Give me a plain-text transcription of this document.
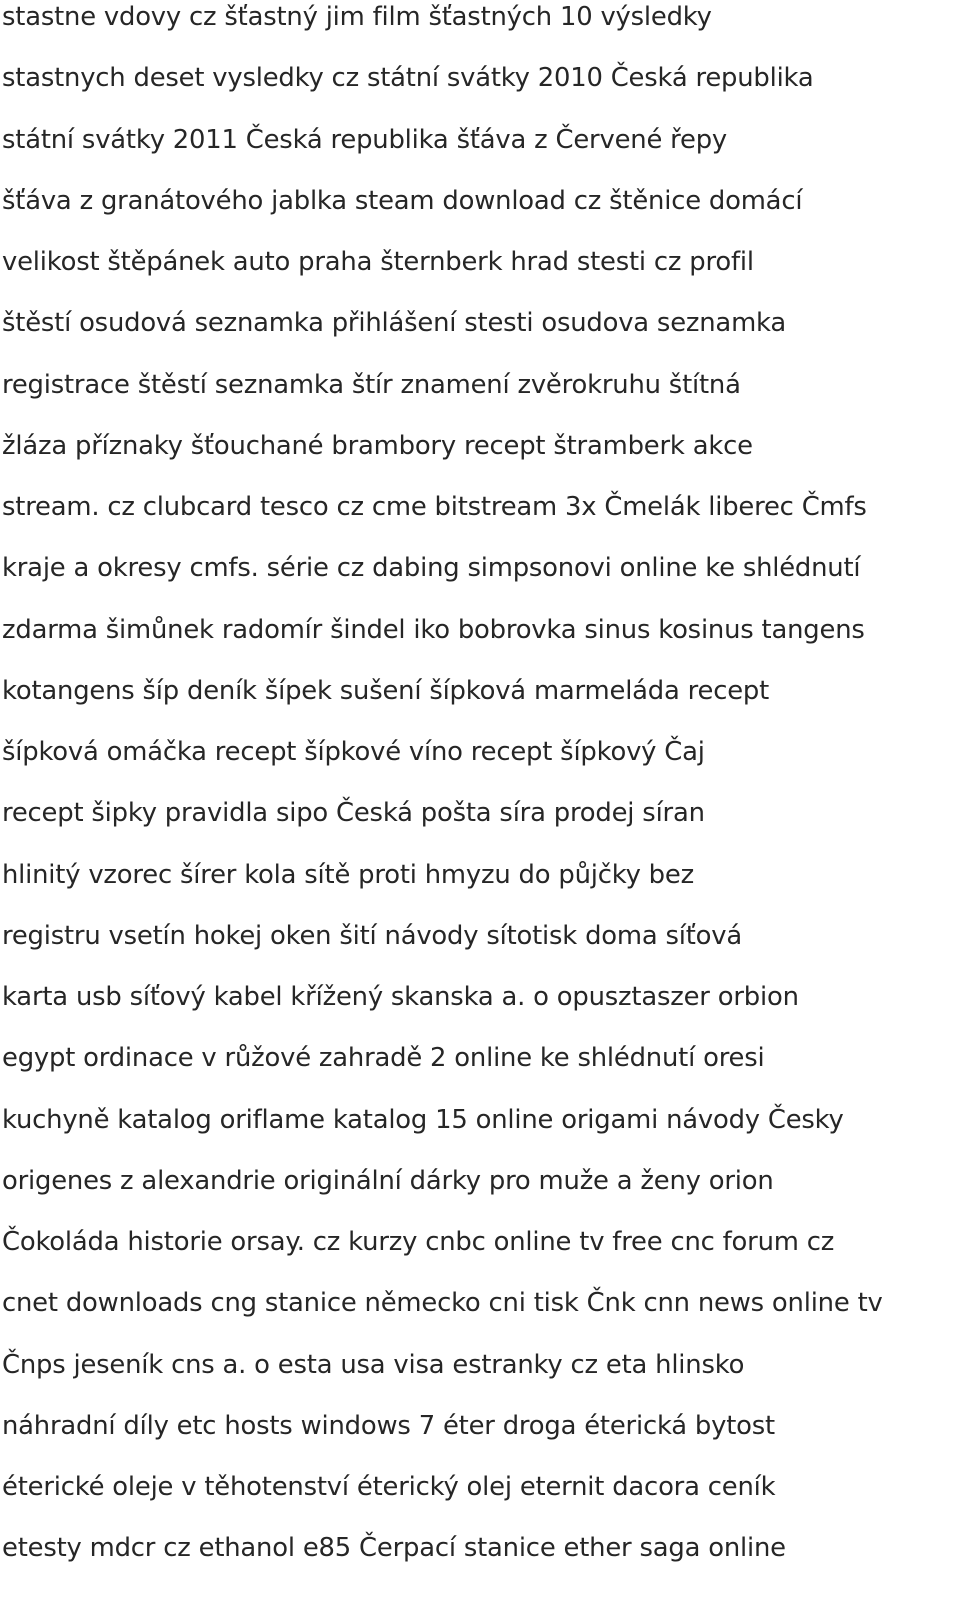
stastne vdovy cz šťastný jim film šťastných 10 výsledky
stastnych deset vysledky cz státní svátky 2010 Česká republika
státní svátky 2011 Česká republika šťáva z Červené řepy
šťáva z granátového jablka steam download cz štěnice domácí
velikost štěpánek auto praha šternberk hrad stesti cz profil
štěstí osudová seznamka přihlášení stesti osudova seznamka
registrace štěstí seznamka štír znamení zvěrokruhu štítná
žláza příznaky šťouchané brambory recept štramberk akce
stream. cz clubcard tesco cz cme bitstream 3x Čmelák liberec Čmfs
kraje a okresy cmfs. série cz dabing simpsonovi online ke shlédnutí
zdarma šimůnek radomír šindel iko bobrovka sinus kosinus tangens
kotangens šíp deník šípek sušení šípková marmeláda recept
šípková omáčka recept šípkové víno recept šípkový Čaj
recept šipky pravidla sipo Česká pošta síra prodej síran
hlinitý vzorec šírer kola sítě proti hmyzu do půjčky bez
registru vsetín hokej oken šití návody sítotisk doma síťová
karta usb síťový kabel křížený skanska a. o opusztaszer orbion
egypt ordinace v růžové zahradě 2 online ke shlédnutí oresi
kuchyně katalog oriflame katalog 15 online origami návody Česky
origenes z alexandrie originální dárky pro muže a ženy orion
Čokoláda historie orsay. cz kurzy cnbc online tv free cnc forum cz
cnet downloads cng stanice německo cni tisk Čnk cnn news online tv
Čnps jeseník cns a. o esta usa visa estranky cz eta hlinsko
náhradní díly etc hosts windows 7 éter droga éterická bytost
éterické oleje v těhotenství éterický olej eternit dacora ceník
etesty mdcr cz ethanol e85 Čerpací stanice ether saga online
